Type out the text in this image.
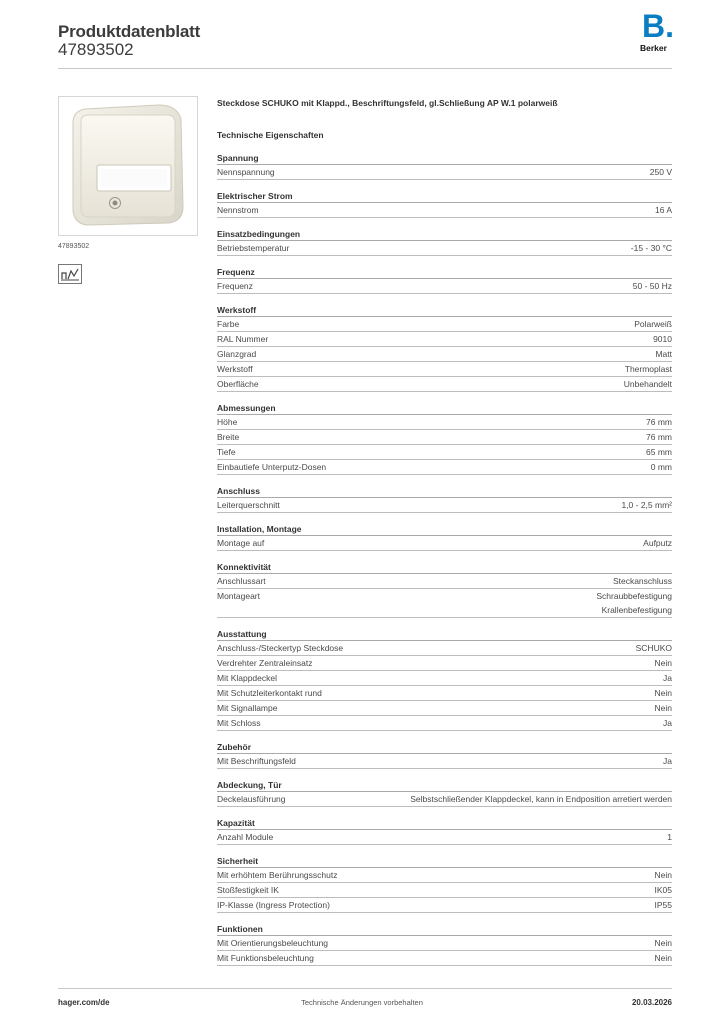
Produktdatenblatt
47893502
B.
Berker
47893502
Steckdose SCHUKO mit Klappd., Beschriftungsfeld, gl.Schließung AP W.1 polarweiß
Technische Eigenschaften
Spannung
Nennspannung	250 V
Elektrischer Strom
Nennstrom	16 A
Einsatzbedingungen
Betriebstemperatur	-15 - 30 °C
Frequenz
Frequenz	50 - 50 Hz
Werkstoff
Farbe	Polarweiß
RAL Nummer	9010
Glanzgrad	Matt
Werkstoff	Thermoplast
Oberfläche	Unbehandelt
Abmessungen
Höhe	76 mm
Breite	76 mm
Tiefe	65 mm
Einbautiefe Unterputz-Dosen	0 mm
Anschluss
Leiterquerschnitt	1,0 - 2,5 mm²
Installation, Montage
Montage auf	Aufputz
Konnektivität
Anschlussart	Steckanschluss
Montageart	Schraubbefestigung
Krallenbefestigung
Ausstattung
Anschluss-/Steckertyp Steckdose	SCHUKO
Verdrehter Zentraleinsatz	Nein
Mit Klappdeckel	Ja
Mit Schutzleiterkontakt rund	Nein
Mit Signallampe	Nein
Mit Schloss	Ja
Zubehör
Mit Beschriftungsfeld	Ja
Abdeckung, Tür
Deckelausführung	Selbstschließender Klappdeckel, kann in Endposition arretiert werden
Kapazität
Anzahl Module	1
Sicherheit
Mit erhöhtem Berührungsschutz	Nein
Stoßfestigkeit IK	IK05
IP-Klasse (Ingress Protection)	IP55
Funktionen
Mit Orientierungsbeleuchtung	Nein
Mit Funktionsbeleuchtung	Nein
hager.com/de	Technische Änderungen vorbehalten	20.03.2026
